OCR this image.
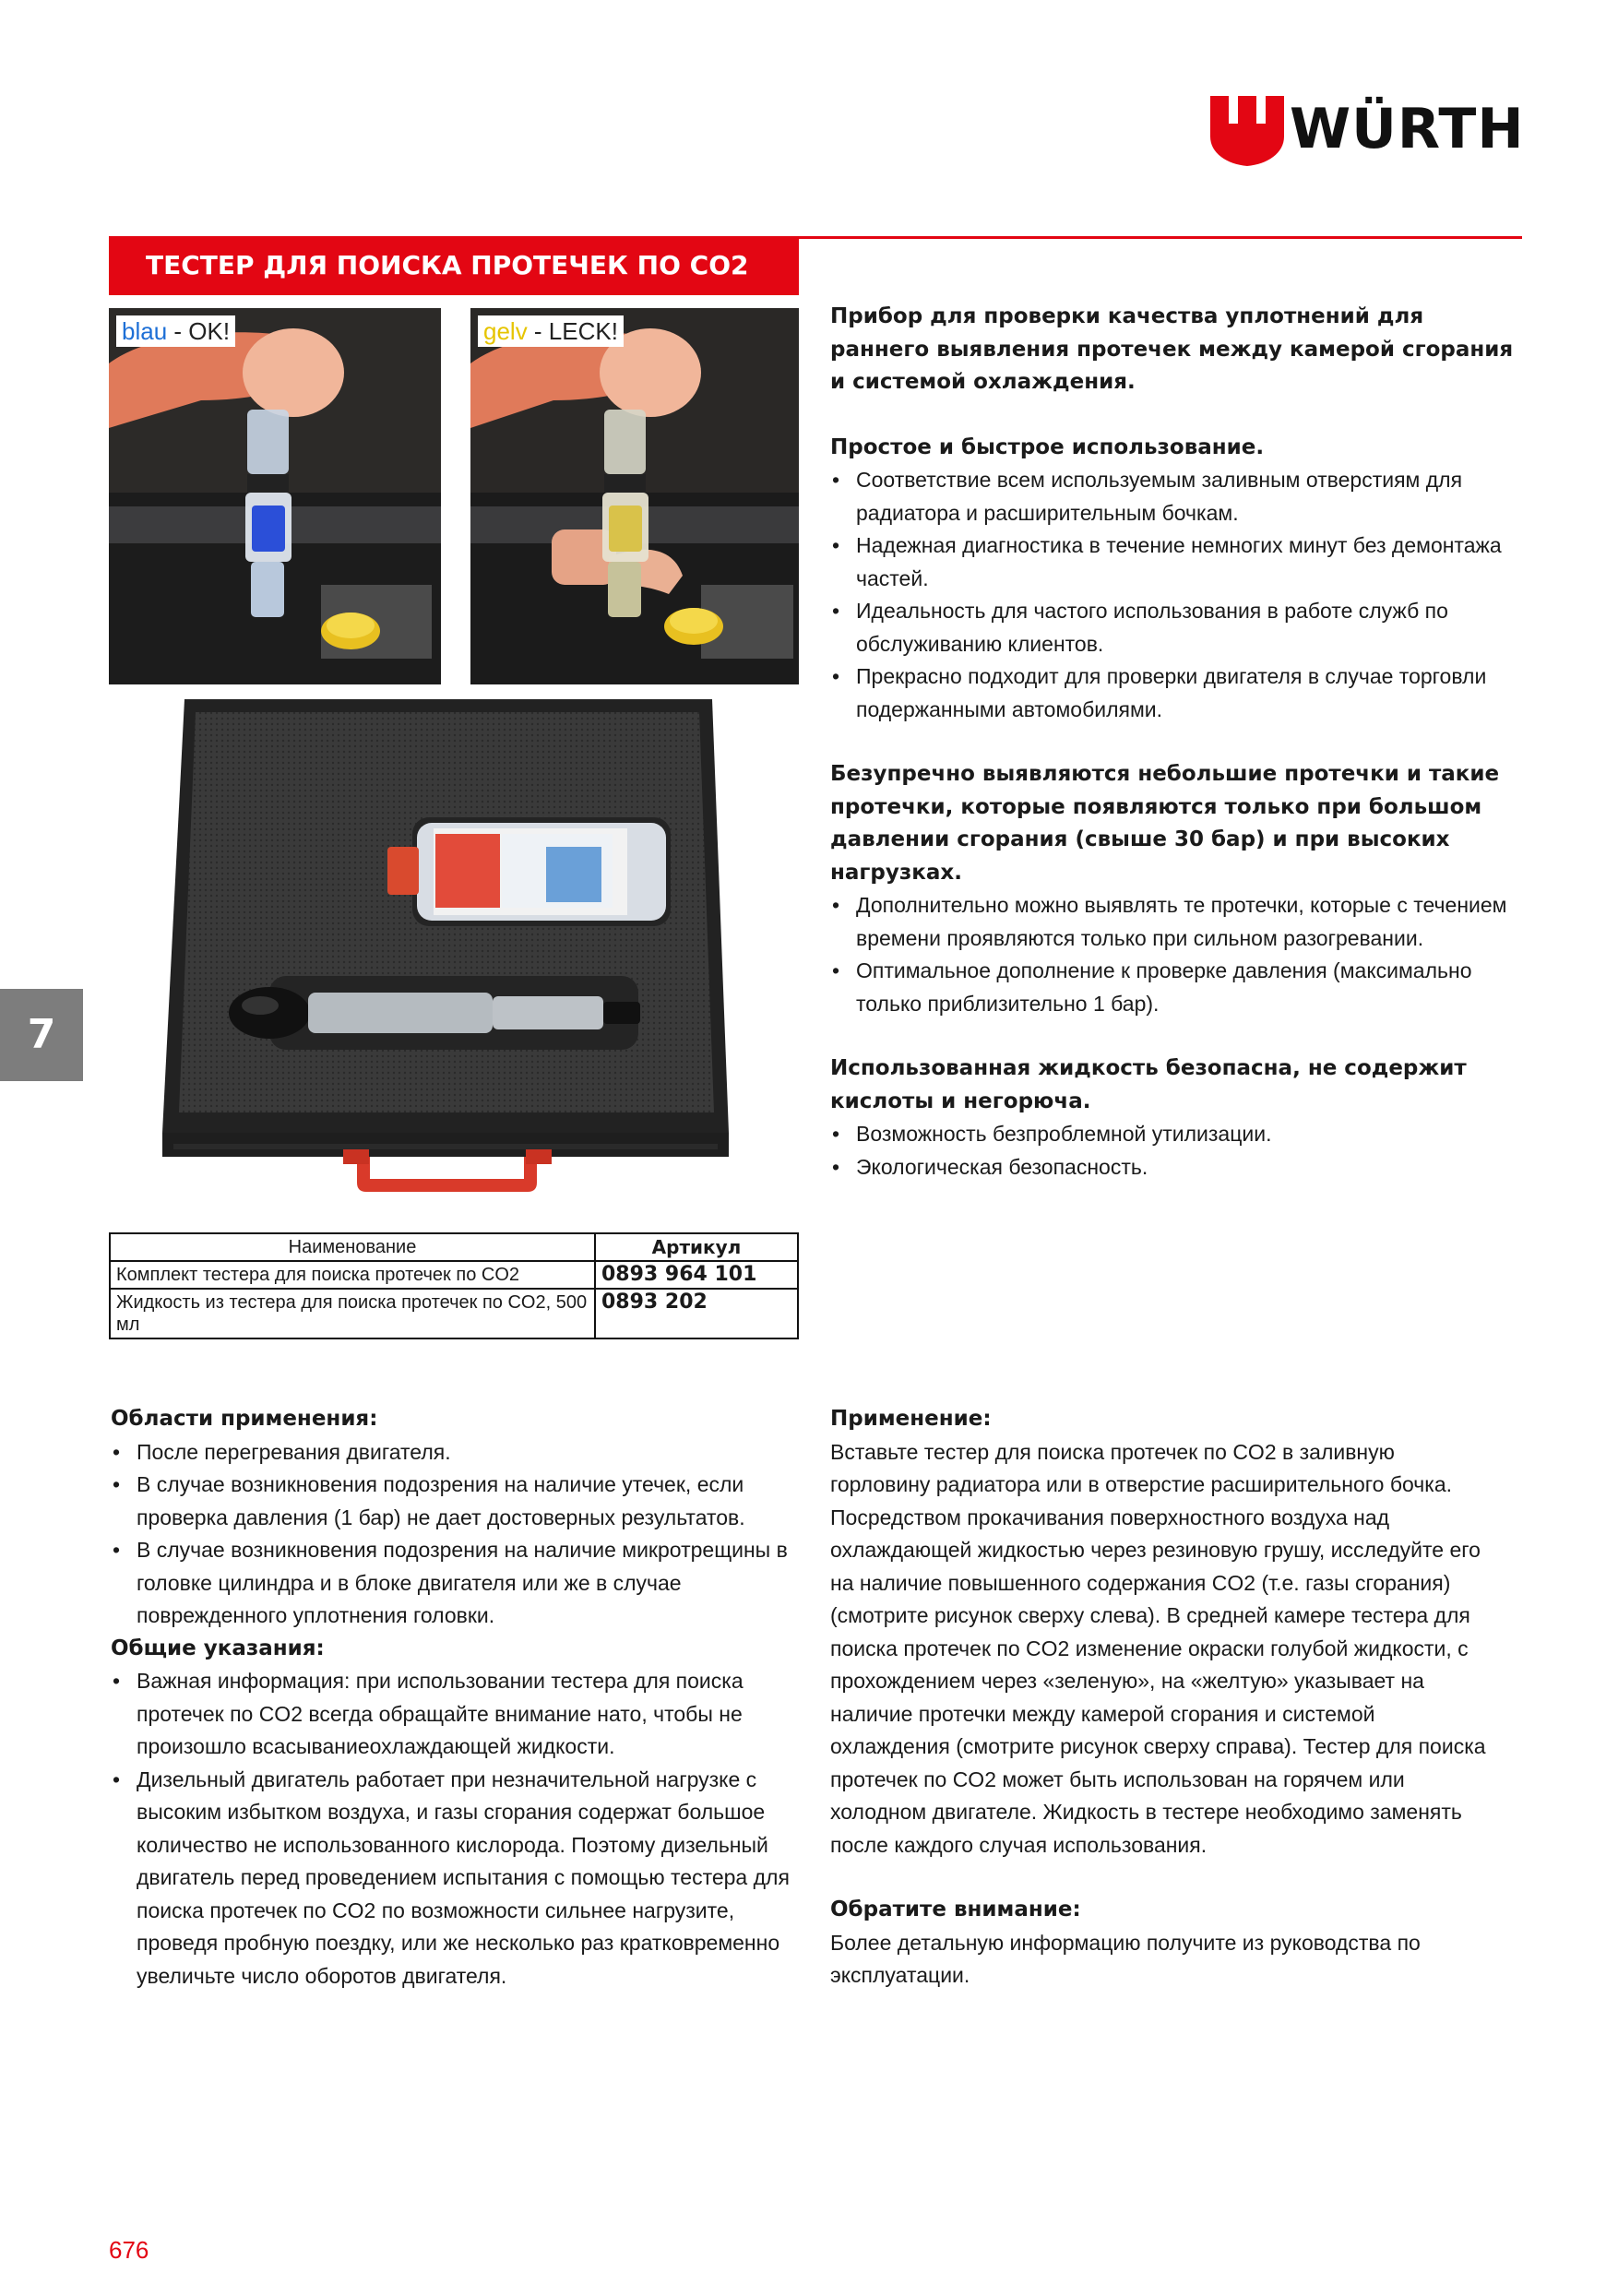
WÜRTH
ТЕСТЕР ДЛЯ ПОИСКА ПРОТЕЧЕК ПО CO2
blau - OK!	gelv - LECK!
Наименование	Артикул
Комплект тестера для поиска протечек по CO2	0893 964 101
Жидкость из тестера для поиска протечек по CO2, 500 мл	0893 202
Прибор для проверки качества уплотнений для раннего выявления протечек между камерой сгорания и системой охлаждения.
Простое и быстрое использование.
• Соответствие всем используемым заливным отверстиям для радиатора и расширительным бочкам.
• Надежная диагностика в течение немногих минут без демонтажа частей.
• Идеальность для частого использования в работе служб по обслуживанию клиентов.
• Прекрасно подходит для проверки двигателя в случае торговли подержанными автомобилями.
Безупречно выявляются небольшие протечки и такие протечки, которые появляются только при большом давлении сгорания (свыше 30 бар) и при высоких нагрузках.
• Дополнительно можно выявлять те протечки, которые с течением времени проявляются только при сильном разогревании.
• Оптимальное дополнение к проверке давления (максимально только приблизительно 1 бар).
Использованная жидкость безопасна, не содержит кислоты и негорюча.
• Возможность безпроблемной утилизации.
• Экологическая безопасность.
Области применения:
• После перегревания двигателя.
• В случае возникновения подозрения на наличие утечек, если проверка давления (1 бар) не дает достоверных результатов.
• В случае возникновения подозрения на наличие микротрещины в головке цилиндра и в блоке двигателя или же в случае поврежденного уплотнения головки.
Общие указания:
• Важная информация: при использовании тестера для поиска протечек по CO2 всегда обращайте внимание нато, чтобы не произошло всасываниеохлаждающей жидкости.
• Дизельный двигатель работает при незначительной нагрузке с высоким избытком воздуха, и газы сгорания содержат большое количество не использованного кислорода. Поэтому дизельный двигатель перед проведением испытания с помощью тестера для поиска протечек по CO2 по возможности сильнее нагрузите, проведя пробную поездку, или же несколько раз кратковременно увеличьте число оборотов двигателя.
Применение:

Вставьте тестер для поиска протечек по CO2 в заливную горловину радиатора или в отверстие расширительного бочка. Посредством прокачивания поверхностного воздуха над охлаждающей жидкостью через резиновую грушу, исследуйте его на наличие повышенного содержания CO2 (т.е. газы сгорания) (смотрите рисунок сверху слева). В средней камере тестера для поиска протечек по CO2 изменение окраски голубой жидкости, с прохождением через «зеленую», на «желтую» указывает на наличие протечки между камерой сгорания и системой охлаждения (смотрите рисунок сверху справа). Тестер для поиска протечек по CO2 может быть использован на горячем или холодном двигателе. Жидкость в тестере необходимо заменять после каждого случая использования.

Обратите внимание:

Более детальную информацию получите из руководства по эксплуатации.

7
676
